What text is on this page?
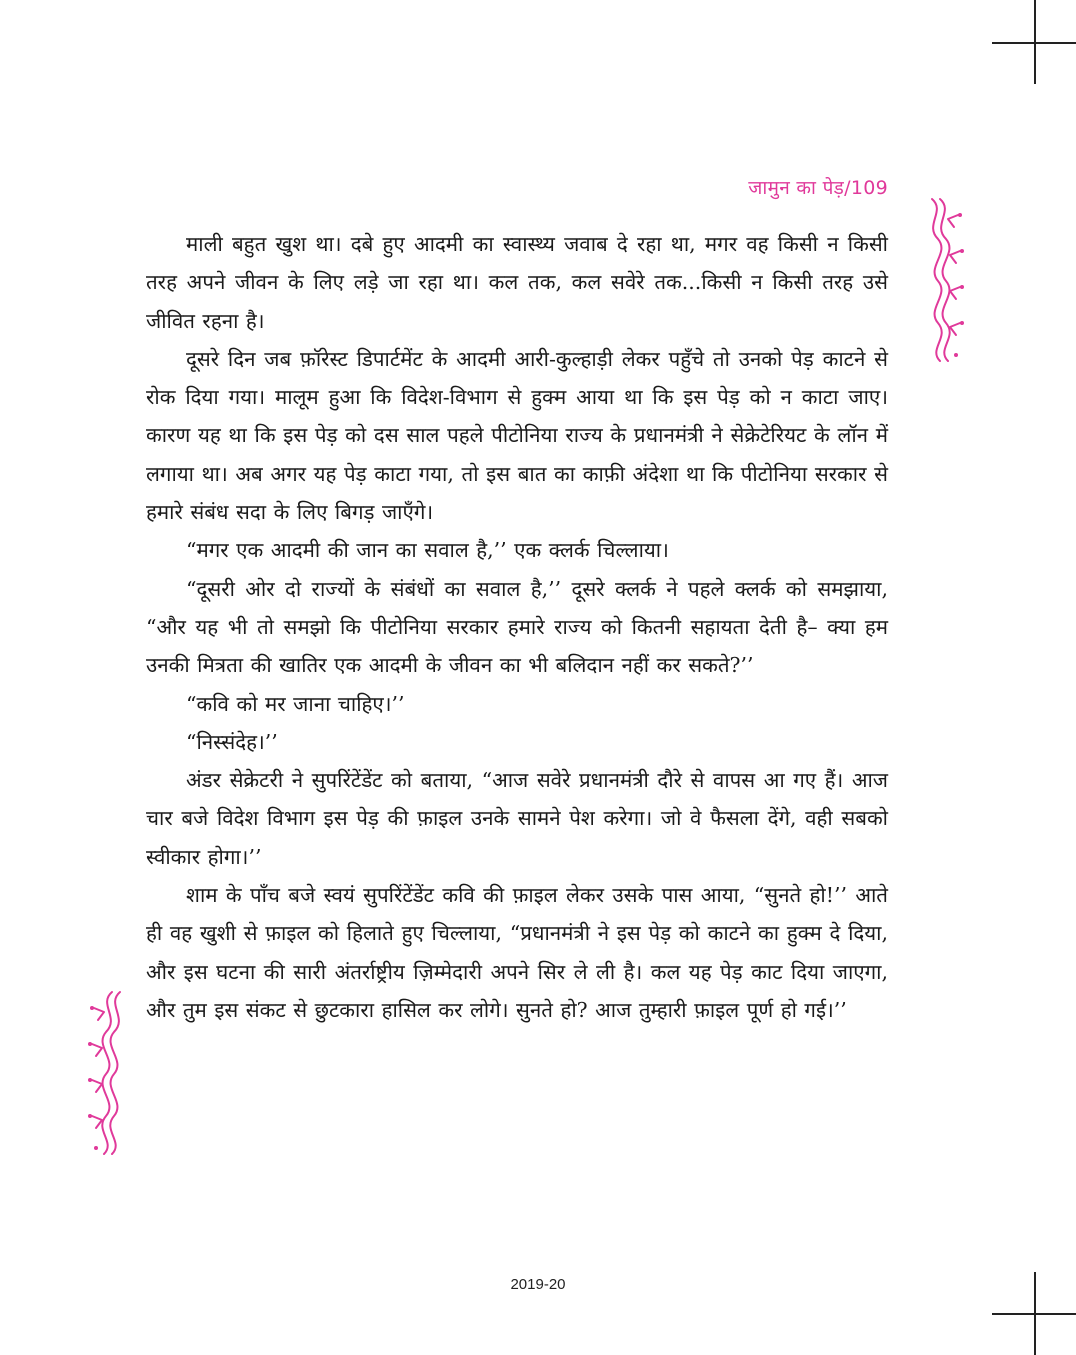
जामुन का पेड़/109

माली बहुत खुश था। दबे हुए आदमी का स्वास्थ्य जवाब दे रहा था, मगर वह किसी न किसी तरह अपने जीवन के लिए लड़े जा रहा था। कल तक, कल सवेरे तक...किसी न किसी तरह उसे जीवित रहना है।

दूसरे दिन जब फ़ॉरेस्ट डिपार्टमेंट के आदमी आरी-कुल्हाड़ी लेकर पहुँचे तो उनको पेड़ काटने से रोक दिया गया। मालूम हुआ कि विदेश-विभाग से हुक्म आया था कि इस पेड़ को न काटा जाए। कारण यह था कि इस पेड़ को दस साल पहले पीटोनिया राज्य के प्रधानमंत्री ने सेक्रेटेरियट के लॉन में लगाया था। अब अगर यह पेड़ काटा गया, तो इस बात का काफ़ी अंदेशा था कि पीटोनिया सरकार से हमारे संबंध सदा के लिए बिगड़ जाएँगे।

“मगर एक आदमी की जान का सवाल है,’’ एक क्लर्क चिल्लाया।

“दूसरी ओर दो राज्यों के संबंधों का सवाल है,’’ दूसरे क्लर्क ने पहले क्लर्क को समझाया, “और यह भी तो समझो कि पीटोनिया सरकार हमारे राज्य को कितनी सहायता देती है– क्या हम उनकी मित्रता की खातिर एक आदमी के जीवन का भी बलिदान नहीं कर सकते?’’

“कवि को मर जाना चाहिए।’’

“निस्संदेह।’’

अंडर सेक्रेटरी ने सुपरिंटेंडेंट को बताया, “आज सवेरे प्रधानमंत्री दौरे से वापस आ गए हैं। आज चार बजे विदेश विभाग इस पेड़ की फ़ाइल उनके सामने पेश करेगा। जो वे फैसला देंगे, वही सबको स्वीकार होगा।’’

शाम के पाँच बजे स्वयं सुपरिंटेंडेंट कवि की फ़ाइल लेकर उसके पास आया, “सुनते हो!’’ आते ही वह खुशी से फ़ाइल को हिलाते हुए चिल्लाया, “प्रधानमंत्री ने इस पेड़ को काटने का हुक्म दे दिया, और इस घटना की सारी अंतर्राष्ट्रीय ज़िम्मेदारी अपने सिर ले ली है। कल यह पेड़ काट दिया जाएगा, और तुम इस संकट से छुटकारा हासिल कर लोगे। सुनते हो? आज तुम्हारी फ़ाइल पूर्ण हो गई।’’

2019-20
